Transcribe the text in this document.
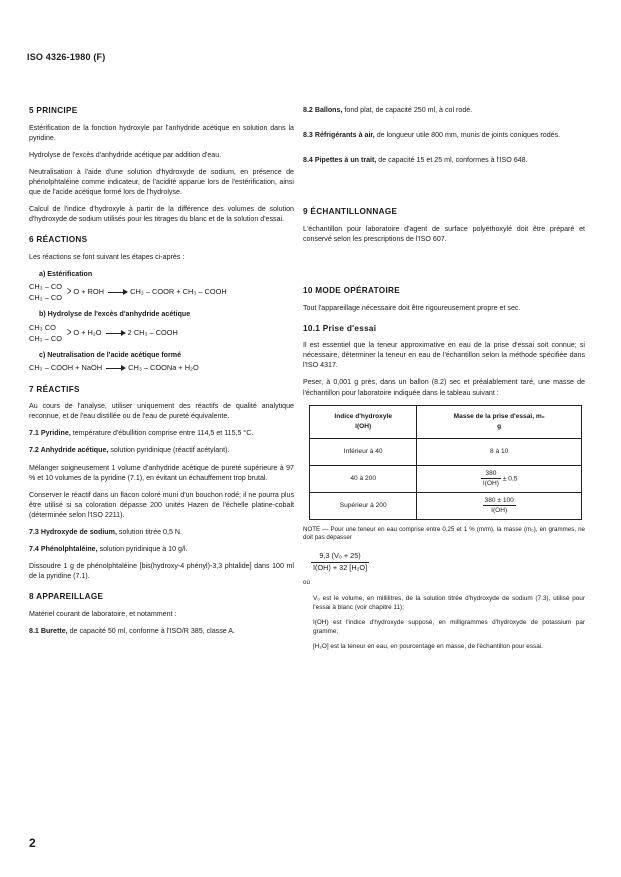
ISO 4326-1980 (F)
5 PRINCIPE

Estérification de la fonction hydroxyle par l'anhydride acétique en solution dans la pyridine.

Hydrolyse de l'excès d'anhydride acétique par addition d'eau.

Neutralisation à l'aide d'une solution d'hydroxyde de sodium, en présence de phénolphtaléine comme indicateur, de l'acidité apparue lors de l'estérification, ainsi que de l'acide acétique formé lors de l'hydrolyse.

Calcul de l'indice d'hydroxyle à partir de la différence des volumes de solution d'hydroxyde de sodium utilisés pour les titrages du blanc et de la solution d'essai.

6 RÉACTIONS

Les réactions se font suivant les étapes ci-après :

a) Estérification
CH₃ – CO > O + ROH → CH₃ – COOR + CH₃ – COOH
CH₃ – CO
b) Hydrolyse de l'excès d'anhydride acétique
CH₃ CO	> O + H₂O → 2 CH₃ – COOH
CH₃ – CO
c) Neutralisation de l'acide acétique formé
CH₃ – COOH + NaOH → CH₃ – COONa + H₂O
7 RÉACTIFS

Au cours de l'analyse, utiliser uniquement des réactifs de qualité analytique reconnue, et de l'eau distillée ou de l'eau de pureté équivalente.

7.1 Pyridine, température d'ébullition comprise entre 114,5 et 115,5 °C.

7.2 Anhydride acétique, solution pyridinique (réactif acétylant).

Mélanger soigneusement 1 volume d'anhydride acétique de pureté supérieure à 97 % et 10 volumes de la pyridine (7.1), en évitant un échauffement trop brutal.

Conserver le réactif dans un flacon coloré muni d'un bouchon rodé; il ne pourra plus être utilisé si sa coloration dépasse 200 unités Hazen de l'échelle platine-cobalt (déterminée selon l'ISO 2211).

7.3 Hydroxyde de sodium, solution titrée 0,5 N.

7.4 Phénolphtaléine, solution pyridinique à 10 g/l.

Dissoudre 1 g de phénolphtaléine [bis(hydroxy-4 phényl)-3,3 phtalide] dans 100 ml de la pyridine (7.1).

8 APPAREILLAGE

Matériel courant de laboratoire, et notamment :

8.1 Burette, de capacité 50 ml, conforme à l'ISO/R 385, classe A.

8.2 Ballons, fond plat, de capacité 250 ml, à col rodé.

8.3 Réfrigérants à air, de longueur utile 800 mm, munis de joints coniques rodés.

8.4 Pipettes à un trait, de capacité 15 et 25 ml, conformes à l'ISO 648.

9 ÉCHANTILLONNAGE

L'échantillon pour laboratoire d'agent de surface polyéthoxylé doit être préparé et conservé selon les prescriptions de l'ISO 607.

10 MODE OPÉRATOIRE

Tout l'appareillage nécessaire doit être rigoureusement propre et sec.

10.1 Prise d'essai

Il est essentiel que la teneur approximative en eau de la prise d'essai soit connue; si nécessaire, déterminer la teneur en eau de l'échantillon selon la méthode spécifiée dans l'ISO 4317.

Peser, à 0,001 g près, dans un ballon (8.2) sec et préalablement taré, une masse de l'échantillon pour laboratoire indiquée dans le tableau suivant :

Indice d'hydroxyle
I(OH)	Masse de la prise d'essai, m₀
g
Inférieur à 40	8 à 10
40 à 200	$\frac{380}{I(OH)} \pm 0,5$
Supérieur à 200	$\frac{380 \pm 100}{I(OH)}$

NOTE — Pour une teneur en eau comprise entre 0,25 et 1 % (m/m), la masse (m₀), en grammes, ne doit pas dépasser

$\frac{\text{9,3 (V₀ + 25)}}{\text{I(OH) + 32 [H₂O]}}$

où

V₀ est le volume, en millilitres, de la solution titrée d'hydroxyde de sodium (7.3), utilisé pour l'essai à blanc (voir chapitre 11);

I(OH) est l'indice d'hydroxyde supposé, en milligrammes d'hydroxyde de potassium par gramme;

[H₂O] est la teneur en eau, en pourcentage en masse, de l'échantillon pour essai.

2
